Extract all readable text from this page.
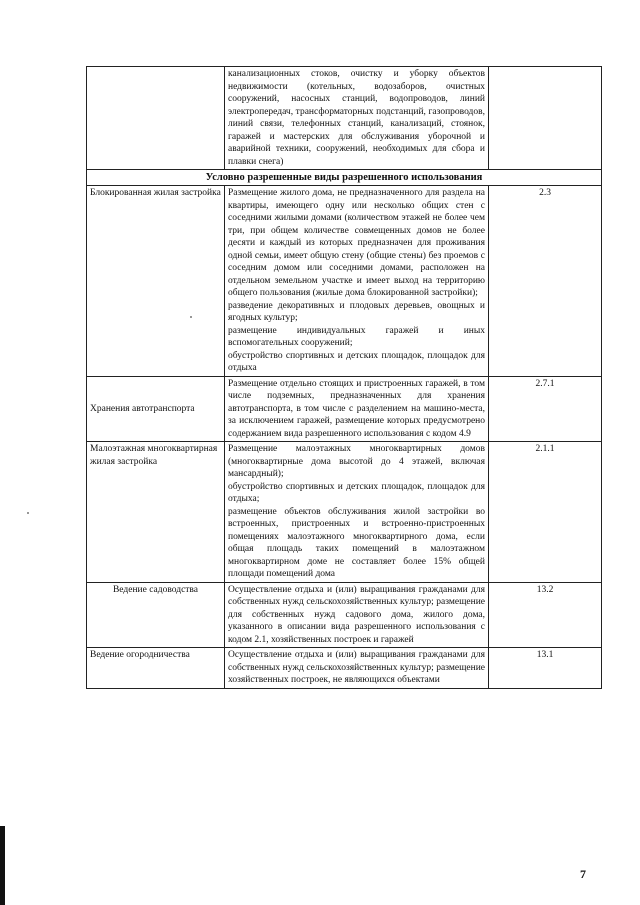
	канализационных стоков, очистку и уборку объектов недвижимости (котельных, водозаборов, очистных сооружений, насосных станций, водопроводов, линий электропередач, трансформаторных подстанций, газопроводов, линий связи, телефонных станций, канализаций, стоянок, гаражей и мастерских для обслуживания уборочной и аварийной техники, сооружений, необходимых для сбора и плавки снега)	

Условно разрешенные виды разрешенного использования		
Блокированная жилая застройка	Размещение жилого дома, не предназначенного для раздела на квартиры, имеющего одну или несколько общих стен с соседними жилыми домами (количеством этажей не более чем три, при общем количестве совмещенных домов не более десяти и каждый из которых предназначен для проживания одной семьи, имеет общую стену (общие стены) без проемов с соседним домом или соседними домами, расположен на отдельном земельном участке и имеет выход на территорию общего пользования (жилые дома блокированной застройки);

разведение декоративных и плодовых деревьев, овощных и ягодных культур;

размещение индивидуальных гаражей и иных вспомогательных сооружений;

обустройство спортивных и детских площадок, площадок для отдыха	2.3
Хранения автотранспорта	Размещение отдельно стоящих и пристроенных гаражей, в том числе подземных, предназначенных для хранения автотранспорта, в том числе с разделением на машино-места, за исключением гаражей, размещение которых предусмотрено содержанием вида разрешенного использования с кодом 4.9	2.7.1
Малоэтажная многоквартирная жилая застройка	Размещение малоэтажных многоквартирных домов (многоквартирные дома высотой до 4 этажей, включая мансардный);

обустройство спортивных и детских площадок, площадок для отдыха;

размещение объектов обслуживания жилой застройки во встроенных, пристроенных и встроенно-пристроенных помещениях малоэтажного многоквартирного дома, если общая площадь таких помещений в малоэтажном многоквартирном доме не составляет более 15% общей площади помещений дома	2.1.1
Ведение садоводства	Осуществление отдыха и (или) выращивания гражданами для собственных нужд сельскохозяйственных культур; размещение для собственных нужд садового дома, жилого дома, указанного в описании вида разрешенного использования с кодом 2.1, хозяйственных построек и гаражей	13.2
Ведение огородничества	Осуществление отдыха и (или) выращивания гражданами для собственных нужд сельскохозяйственных культур; размещение хозяйственных построек, не являющихся объектами	13.1
7
